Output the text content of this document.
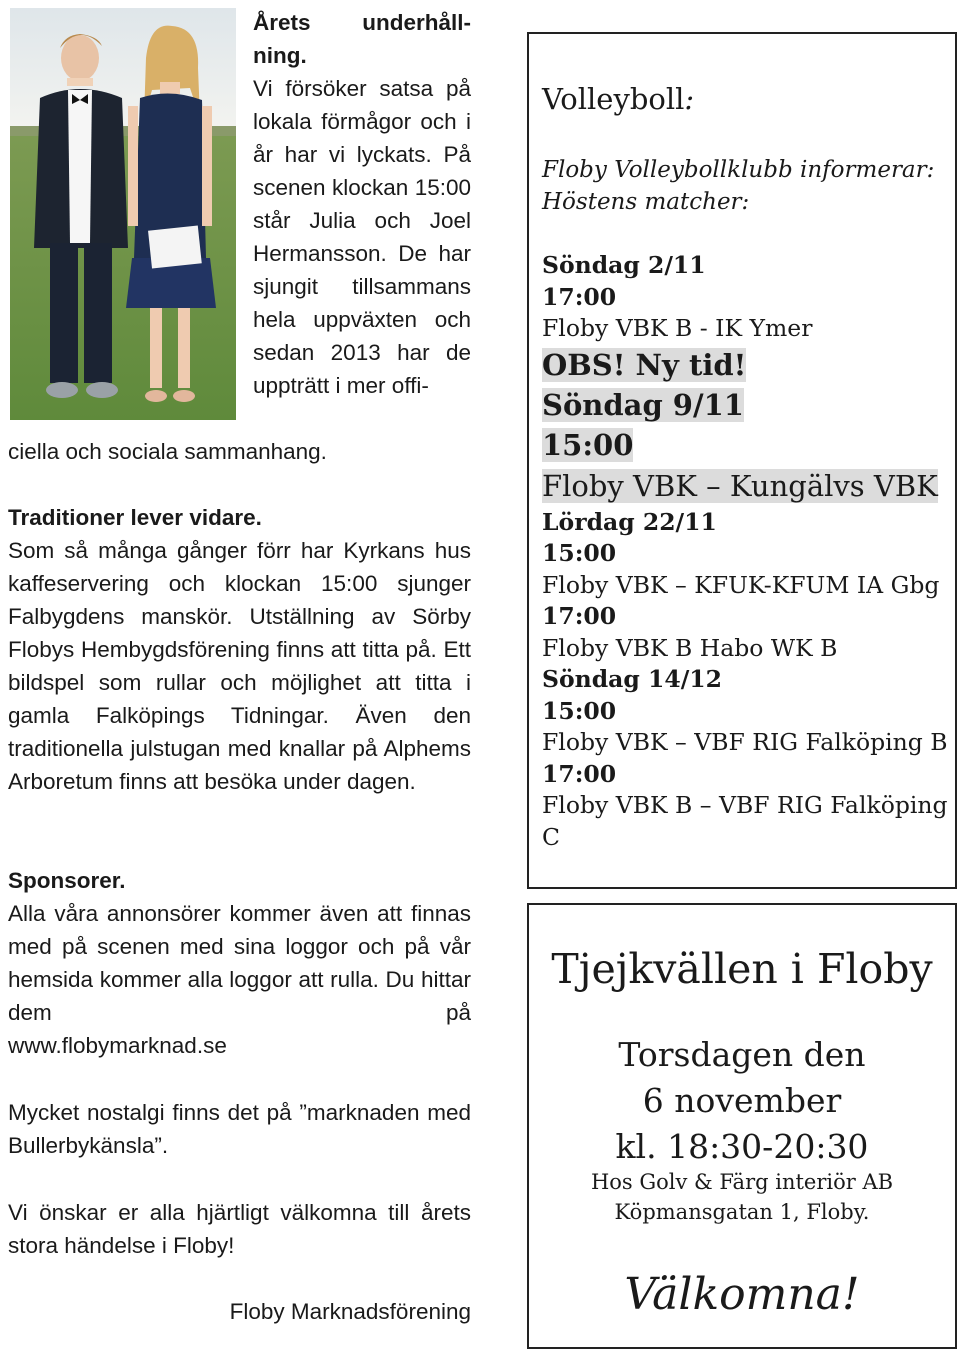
Årets underhåll-

ning.

Vi försöker satsa på lokala förmågor och i år har vi lyckats. På scenen klockan 15:00 står Julia och Joel Hermansson. De har sjungit tillsammans hela uppväxten och sedan 2013 har de uppträtt i mer offi-

ciella och sociala sammanhang.

Traditioner lever vidare.

Som så många gånger förr har Kyrkans hus kaffeservering och klockan 15:00 sjunger Falbygdens manskör. Utställning av Sörby Flobys Hembygdsförening finns att titta på. Ett bildspel som rullar och möjlighet att titta i gamla Falköpings Tidningar. Även den traditionella julstugan med knallar på Alphems Arboretum finns att besöka under dagen.

Sponsorer.

Alla våra annonsörer kommer även att finnas med på scenen med sina loggor och på vår hemsida kommer alla loggor att rulla. Du hittar dem på

www.flobymarknad.se

Mycket nostalgi finns det på ”marknaden med Bullerbykänsla”.

Vi önskar er alla hjärtligt välkomna till årets stora händelse i Floby!

Floby Marknadsförening

Volleyboll:
Floby Volleybollklubb informerar:
Höstens matcher:
Söndag 2/11
17:00
Floby VBK B - IK Ymer
OBS! Ny tid!
Söndag 9/11
15:00
Floby VBK – Kungälvs VBK
Lördag 22/11
15:00
Floby VBK – KFUK-KFUM IA Gbg
17:00
Floby VBK B Habo WK B
Söndag 14/12
15:00
Floby VBK – VBF RIG Falköping B
17:00
Floby VBK B – VBF RIG Falköping
C
Tjejkvällen i Floby
Torsdagen den
6 november
kl. 18:30-20:30
Hos Golv & Färg interiör AB
Köpmansgatan 1, Floby.
Välkomna!
